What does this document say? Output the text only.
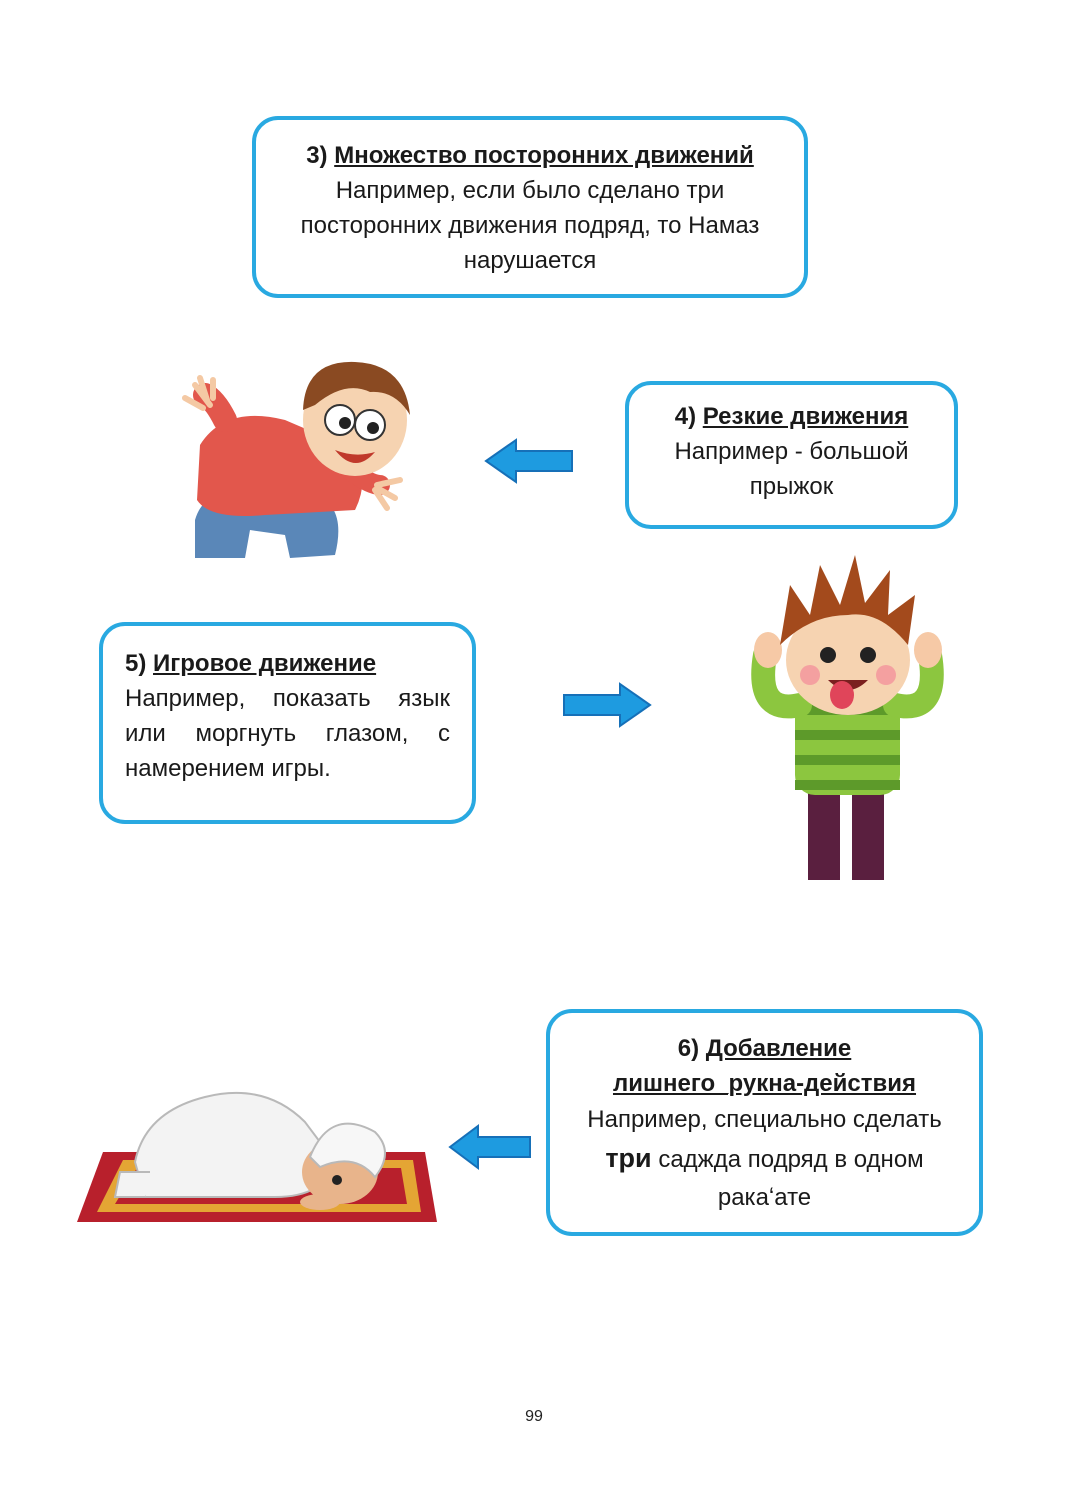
3) Множество посторонних движений
Например, если было сделано три посторонних движения подряд, то Намаз нарушается
4) Резкие движения
Например - большой прыжок
5) Игровое движение
Например, показать язык или моргнуть глазом, с намерением игры.
6) Добавление
лишнего_рукна-действия
Например, специально сделать три саджда подряд в одном ракаʻате
99
